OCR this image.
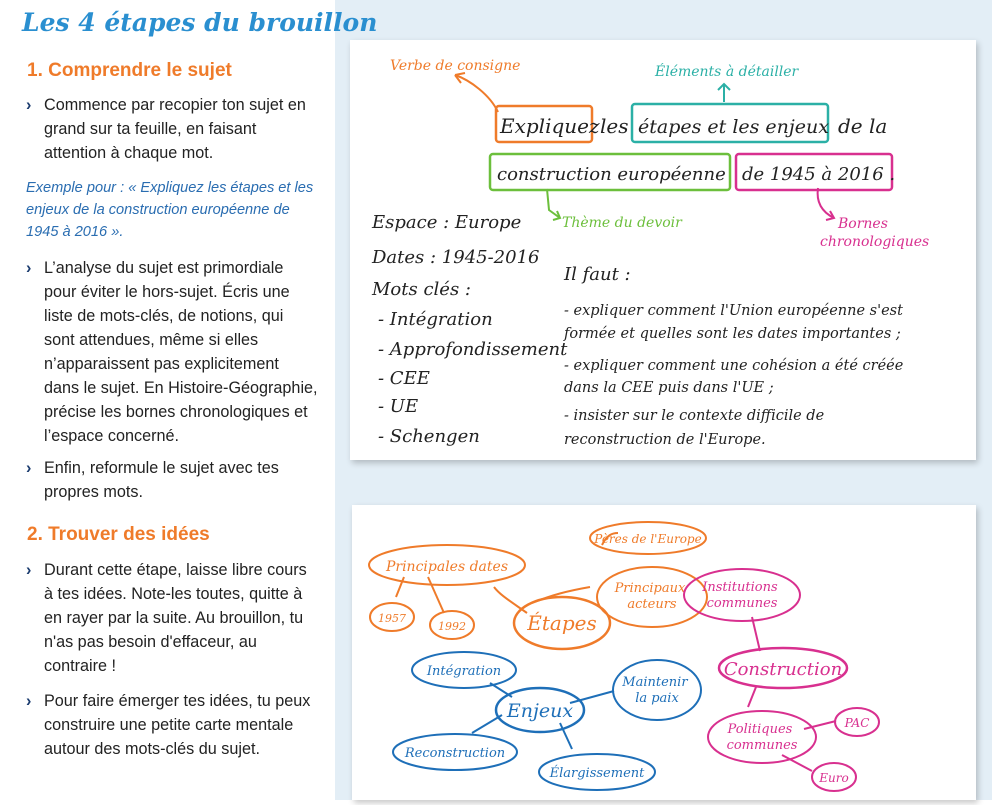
Les 4 étapes du brouillon
1. Comprendre le sujet
› Commence par recopier ton sujet en grand sur ta feuille, en faisant attention à chaque mot.
Exemple pour : « Expliquez les étapes et les enjeux de la construction européenne de 1945 à 2016 ».
› L’analyse du sujet est primordiale pour éviter le hors-sujet. Écris une liste de mots-clés, de notions, qui sont attendues, même si elles n’apparaissent pas explicitement dans le sujet. En Histoire-Géographie, précise les bornes chronologiques et l’espace concerné.
› Enfin, reformule le sujet avec tes propres mots.
2. Trouver des idées
› Durant cette étape, laisse libre cours à tes idées. Note-les toutes, quitte à en rayer par la suite. Au brouillon, tu n'as pas besoin d'effaceur, au contraire !
› Pour faire émerger tes idées, tu peux construire une petite carte mentale autour des mots-clés du sujet.
Verbe de consigne	Éléments à détailler
Thème du devoir	Bornes chronologiques
Expliquez les étapes et les enjeux de la
construction européenne de 1945 à 2016 .
Espace : Europe
Dates : 1945-2016
Mots clés :
- Intégration
- Approfondissement
- CEE
- UE
- Schengen
Il faut :
- expliquer comment l'Union européenne s'est
formée et quelles sont les dates importantes ;
- expliquer comment une cohésion a été créée
dans la CEE puis dans l'UE ;
- insister sur le contexte difficile de
reconstruction de l'Europe.
Étapes
Principales dates
1957
1992
Principaux acteurs
Pères de l'Europe
Enjeux
Intégration
Maintenir la paix
Reconstruction
Élargissement
Construction
Institutions communes
Politiques communes
PAC
Euro
